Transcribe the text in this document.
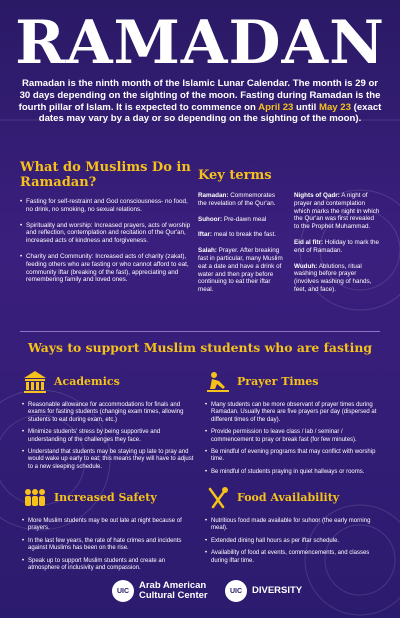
RAMADAN
Ramadan is the ninth month of the Islamic Lunar Calendar. The month is 29 or 30 days depending on the sighting of the moon. Fasting during Ramadan is the fourth pillar of Islam. It is expected to commence on April 23 until May 23 (exact dates may vary by a day or so depending on the sighting of the moon).
What do Muslims Do in Ramadan?
• Fasting for self-restraint and God consciousness- no food, no drink, no smoking, no sexual relations.
• Spirituality and worship: Increased prayers, acts of worship and reflection, contemplation and recitation of the Qur'an, increased acts of kindness and forgiveness.
• Charity and Community: Increased acts of charity (zakat), feeding others who are fasting or who cannot afford to eat, community iftar (breaking of the fast), appreciating and remembering family and loved ones.
Key terms
Ramadan: Commemorates the revelation of the Qur'an.
Suhoor: Pre-dawn meal
Iftar: meal to break the fast.
Salah: Prayer. After breaking fast in particular, many Muslim eat a date and have a drink of water and then pray before continuing to eat their iftar meal.
Nights of Qadr: A night of prayer and contemplation which marks the night in which the Qur'an was first revealed to the Prophet Muhammad.
Eid al fitr: Holiday to mark the end of Ramadan.
Wuduh: Ablutions, ritual washing before prayer (involves washing of hands, feet, and face).
Ways to support Muslim students who are fasting
Academics
• Reasonable allowance for accommodations for finals and exams for fasting students (changing exam times, allowing students to eat during exam, etc.)
• Minimize students' stress by being supportive and understanding of the challenges they face.
• Understand that students may be staying up late to pray and would wake up early to eat; this means they will have to adjust to a new sleeping schedule.
Prayer Times
• Many students can be more observant of prayer times during Ramadan. Usually there are five prayers per day (dispersed at different times of the day).
• Provide permission to leave class / lab / seminar / commencement to pray or break fast (for few minutes).
• Be mindful of evening programs that may conflict with worship time.
• Be mindful of students praying in quiet hallways or rooms.
Increased Safety
• More Muslim students may be out late at night because of prayers.
• In the last few years, the rate of hate crimes and incidents against Muslims has been on the rise.
• Speak up to support Muslim students and create an atmosphere of inclusivity and compassion.
Food Availability
• Nutritious food made available for suhoor (the early morning meal).
• Extended dining hall hours as per iftar schedule.
• Availability of food at events, commencements, and classes during iftar time.
UIC
Arab American
Cultural Center	UIC	DIVERSITY
